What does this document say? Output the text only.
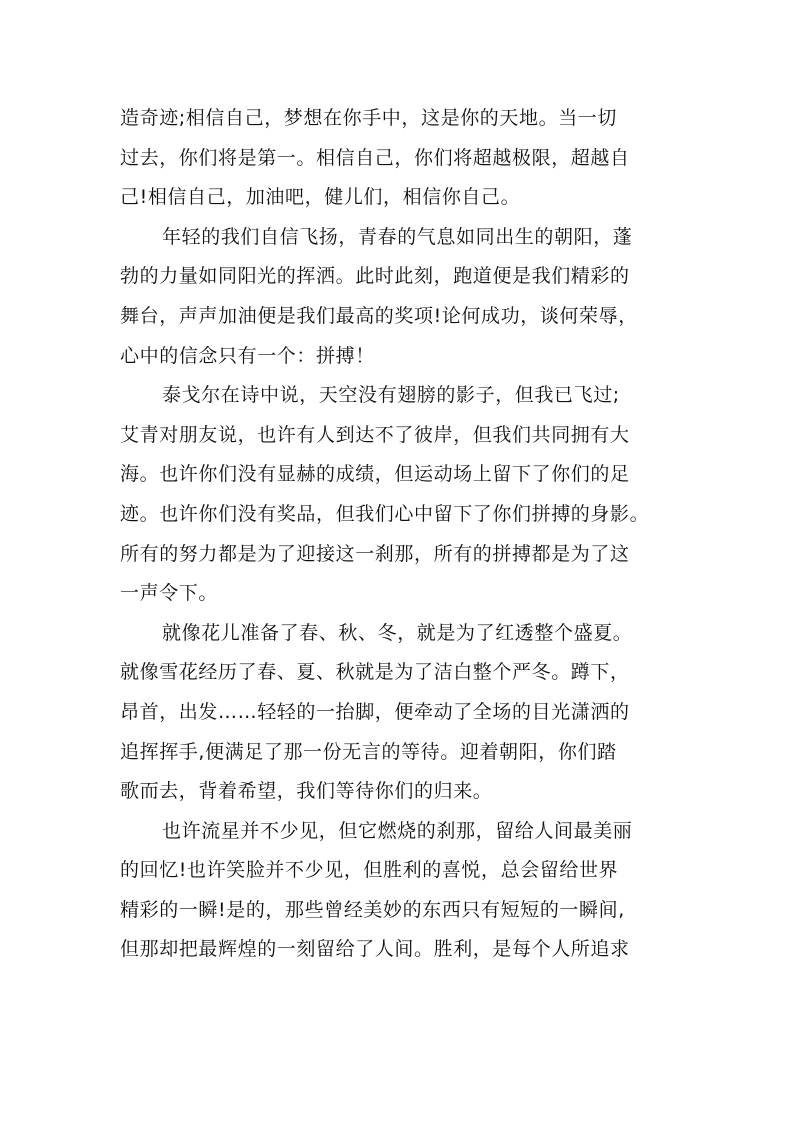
造奇迹;相信自己，梦想在你手中，这是你的天地。当一切
过去，你们将是第一。相信自己，你们将超越极限，超越自
己!相信自己，加油吧，健儿们，相信你自己。
年轻的我们自信飞扬，青春的气息如同出生的朝阳，蓬
勃的力量如同阳光的挥洒。此时此刻，跑道便是我们精彩的
舞台，声声加油便是我们最高的奖项!论何成功，谈何荣辱，
心中的信念只有一个：拼搏！
泰戈尔在诗中说，天空没有翅膀的影子，但我已飞过;
艾青对朋友说，也许有人到达不了彼岸，但我们共同拥有大
海。也许你们没有显赫的成绩，但运动场上留下了你们的足
迹。也许你们没有奖品，但我们心中留下了你们拼搏的身影。
所有的努力都是为了迎接这一刹那，所有的拼搏都是为了这
一声令下。
就像花儿准备了春、秋、冬，就是为了红透整个盛夏。
就像雪花经历了春、夏、秋就是为了洁白整个严冬。蹲下，
昂首，出发……轻轻的一抬脚，便牵动了全场的目光潇洒的
追挥挥手,便满足了那一份无言的等待。迎着朝阳，你们踏
歌而去，背着希望，我们等待你们的归来。
也许流星并不少见，但它燃烧的刹那，留给人间最美丽
的回忆!也许笑脸并不少见，但胜利的喜悦，总会留给世界
精彩的一瞬!是的，那些曾经美妙的东西只有短短的一瞬间,
但那却把最辉煌的一刻留给了人间。胜利，是每个人所追求
